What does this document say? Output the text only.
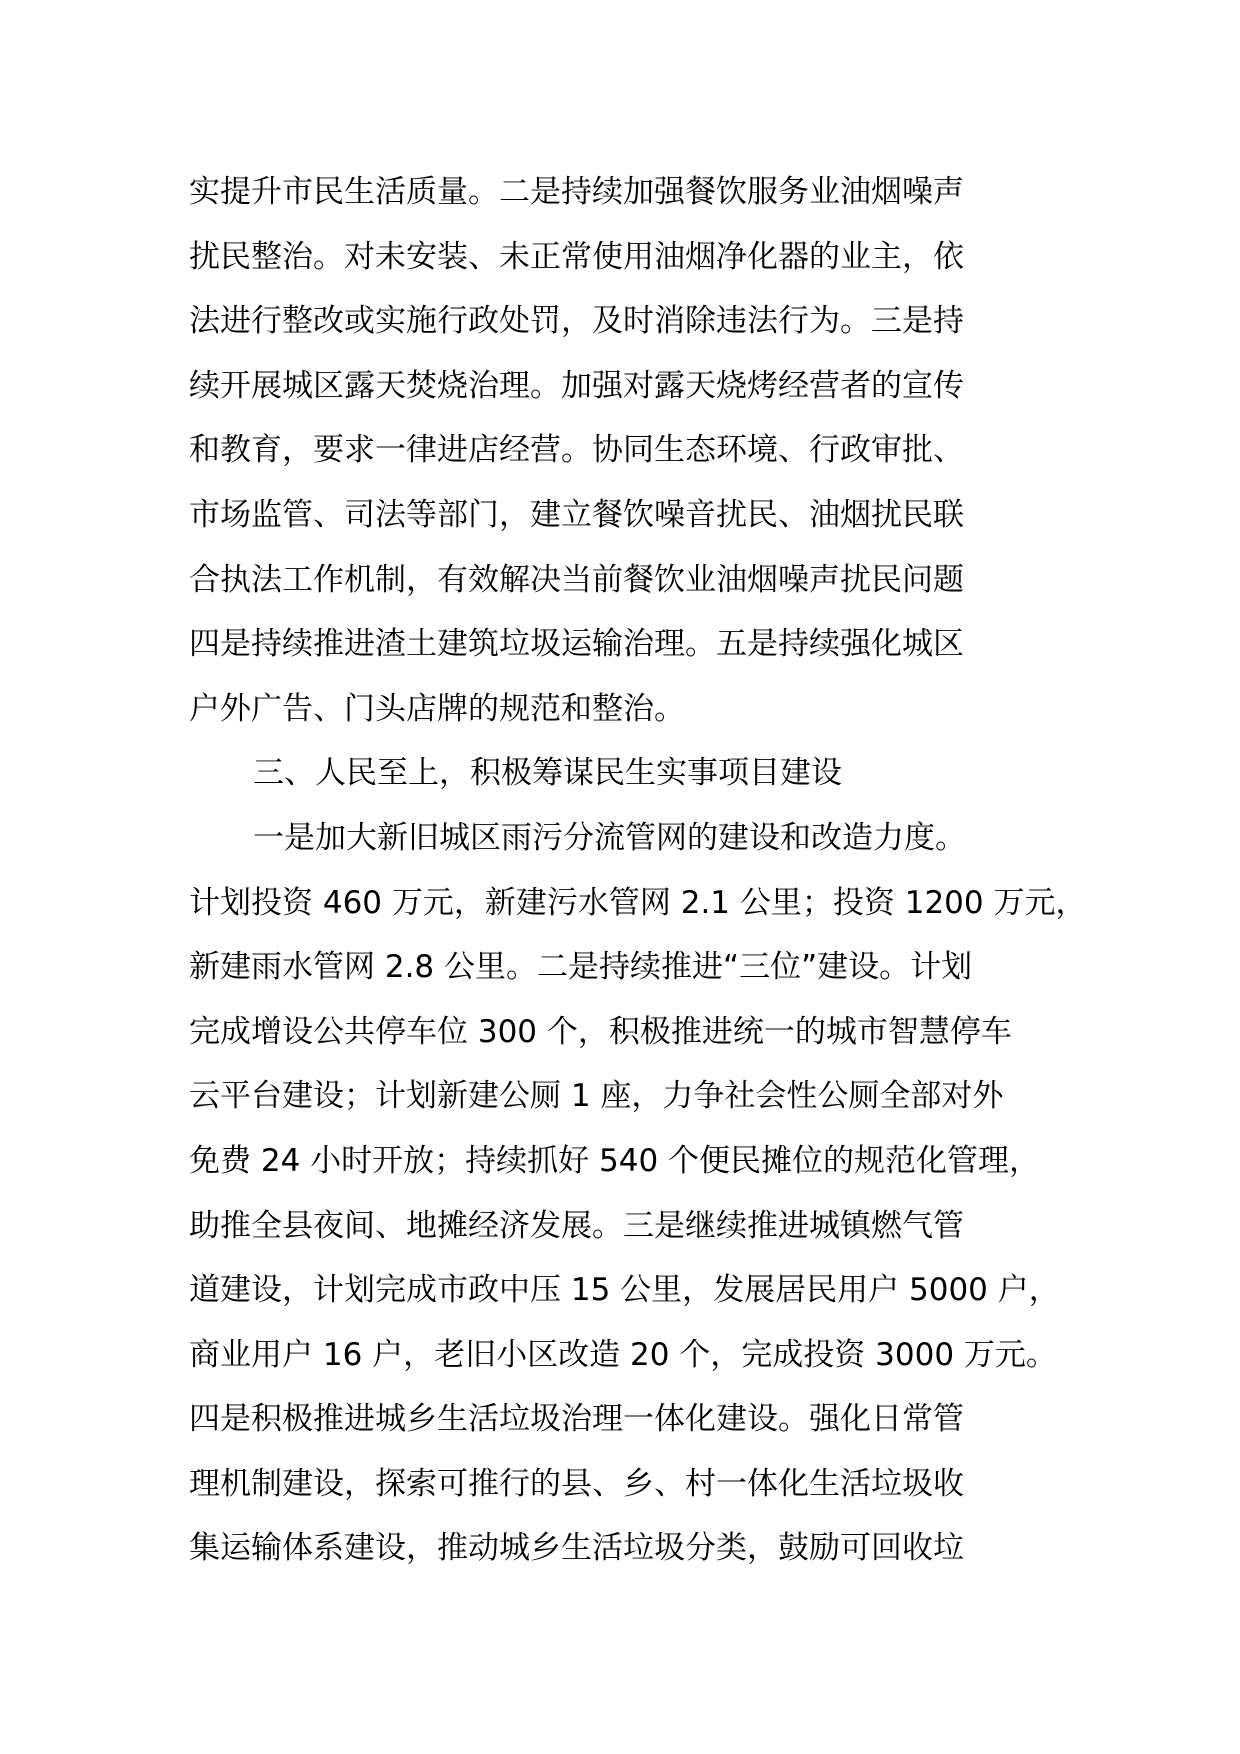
实提升市民生活质量。二是持续加强餐饮服务业油烟噪声
扰民整治。对未安装、未正常使用油烟净化器的业主，依
法进行整改或实施行政处罚，及时消除违法行为。三是持
续开展城区露天焚烧治理。加强对露天烧烤经营者的宣传
和教育，要求一律进店经营。协同生态环境、行政审批、
市场监管、司法等部门，建立餐饮噪音扰民、油烟扰民联
合执法工作机制，有效解决当前餐饮业油烟噪声扰民问题
四是持续推进渣土建筑垃圾运输治理。五是持续强化城区
户外广告、门头店牌的规范和整治。
三、人民至上，积极筹谋民生实事项目建设
一是加大新旧城区雨污分流管网的建设和改造力度。
计划投资 460 万元，新建污水管网 2.1 公里；投资 1200 万元，
新建雨水管网 2.8 公里。二是持续推进“三位”建设。计划
完成增设公共停车位 300 个，积极推进统一的城市智慧停车
云平台建设；计划新建公厕 1 座，力争社会性公厕全部对外
免费 24 小时开放；持续抓好 540 个便民摊位的规范化管理，
助推全县夜间、地摊经济发展。三是继续推进城镇燃气管
道建设，计划完成市政中压 15 公里，发展居民用户 5000 户，
商业用户 16 户，老旧小区改造 20 个，完成投资 3000 万元。
四是积极推进城乡生活垃圾治理一体化建设。强化日常管
理机制建设，探索可推行的县、乡、村一体化生活垃圾收
集运输体系建设，推动城乡生活垃圾分类，鼓励可回收垃
